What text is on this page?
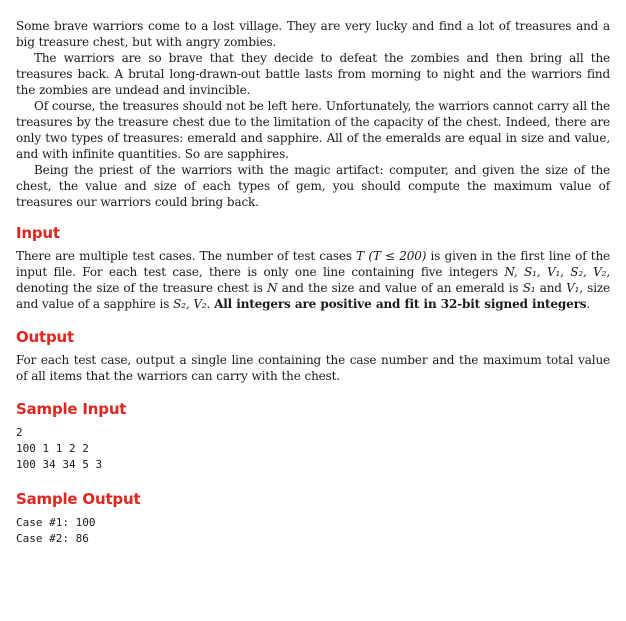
Some brave warriors come to a lost village. They are very lucky and find a lot of treasures and a big treasure chest, but with angry zombies.

The warriors are so brave that they decide to defeat the zombies and then bring all the treasures back. A brutal long-drawn-out battle lasts from morning to night and the warriors find the zombies are undead and invincible.

Of course, the treasures should not be left here. Unfortunately, the warriors cannot carry all the treasures by the treasure chest due to the limitation of the capacity of the chest. Indeed, there are only two types of treasures: emerald and sapphire. All of the emeralds are equal in size and value, and with infinite quantities. So are sapphires.

Being the priest of the warriors with the magic artifact: computer, and given the size of the chest, the value and size of each types of gem, you should compute the maximum value of treasures our warriors could bring back.

Input

There are multiple test cases. The number of test cases T (T ≤ 200) is given in the first line of the input file. For each test case, there is only one line containing five integers N, S₁, V₁, S₂, V₂, denoting the size of the treasure chest is N and the size and value of an emerald is S₁ and V₁, size and value of a sapphire is S₂, V₂. All integers are positive and fit in 32-bit signed integers.

Output

For each test case, output a single line containing the case number and the maximum total value of all items that the warriors can carry with the chest.

Sample Input
2
100 1 1 2 2
100 34 34 5 3
Sample Output
Case #1: 100
Case #2: 86
